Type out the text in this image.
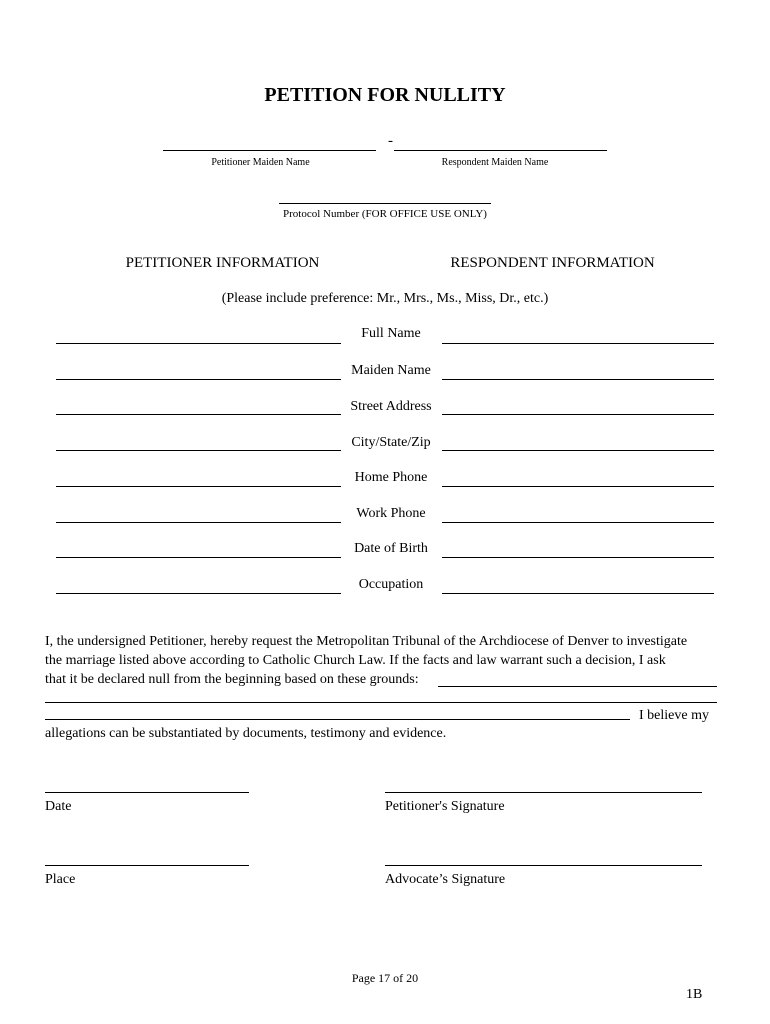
PETITION FOR NULLITY
-
Petitioner Maiden Name	Respondent Maiden Name
Protocol Number (FOR OFFICE USE ONLY)
PETITIONER INFORMATION	RESPONDENT INFORMATION
(Please include preference: Mr., Mrs., Ms., Miss, Dr., etc.)
Full Name
Maiden Name
Street Address
City/State/Zip
Home Phone
Work Phone
Date of Birth
Occupation
I, the undersigned Petitioner, hereby request the Metropolitan Tribunal of the Archdiocese of Denver to investigate
the marriage listed above according to Catholic Church Law. If the facts and law warrant such a decision, I ask
that it be declared null from the beginning based on these grounds:
I believe my
allegations can be substantiated by documents, testimony and evidence.
Date	Petitioner's Signature
Place	Advocate’s Signature
Page 17 of 20
1B
